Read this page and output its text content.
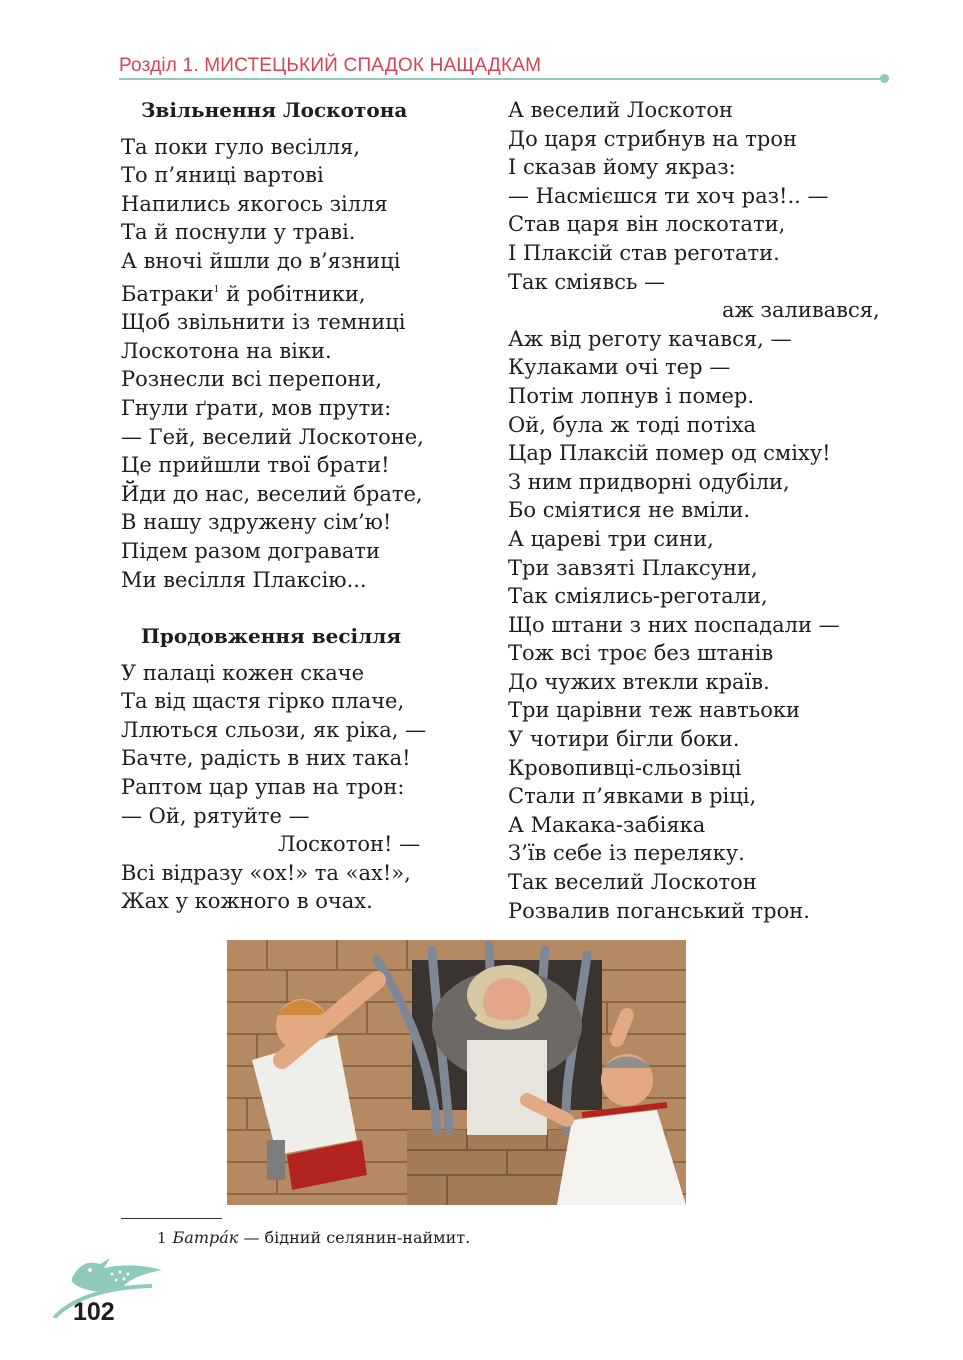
Розділ 1. МИСТЕЦЬКИЙ СПАДОК НАЩАДКАМ
Звільнення Лоскотона
Та поки гуло весілля,
То п’яниці вартові
Напились якогось зілля
Та й поснули у траві.
А вночі йшли до в’язниці
Батраки$^1$ й робітники,
Щоб звільнити із темниці
Лоскотона на віки.
Рознесли всі перепони,
Гнули ґрати, мов прути:
— Гей, веселий Лоскотоне,
Це прийшли твої брати!
Йди до нас, веселий брате,
В нашу здружену сім’ю!
Підем разом догравати
Ми весілля Плаксію...
Продовження весілля
У палаці кожен скаче
Та від щастя гірко плаче,
Ллються сльози, як ріка, —
Бачте, радість в них така!
Раптом цар упав на трон:
— Ой, рятуйте —
Лоскотон! —
Всі відразу «ох!» та «ах!»,
Жах у кожного в очах.
А веселий Лоскотон
До царя стрибнув на трон
І сказав йому якраз:
— Насмієшся ти хоч раз!.. —
Став царя він лоскотати,
І Плаксій став реготати.
Так сміявсь —
аж заливався,
Аж від реготу качався, —
Кулаками очі тер —
Потім лопнув і помер.
Ой, була ж тоді потіха
Цар Плаксій помер од сміху!
З ним придворні одубіли,
Бо сміятися не вміли.
А цареві три сини,
Три завзяті Плаксуни,
Так сміялись-реготали,
Що штани з них поспадали —
Тож всі троє без штанів
До чужих втекли країв.
Три царівни теж навтьоки
У чотири бігли боки.
Кровопивці-сльозівці
Стали п’явками в ріці,
А Макака-забіяка
З’їв себе із переляку.
Так веселий Лоскотон
Розвалив поганський трон.
1 Батра́к — бідний селянин-наймит.
102
